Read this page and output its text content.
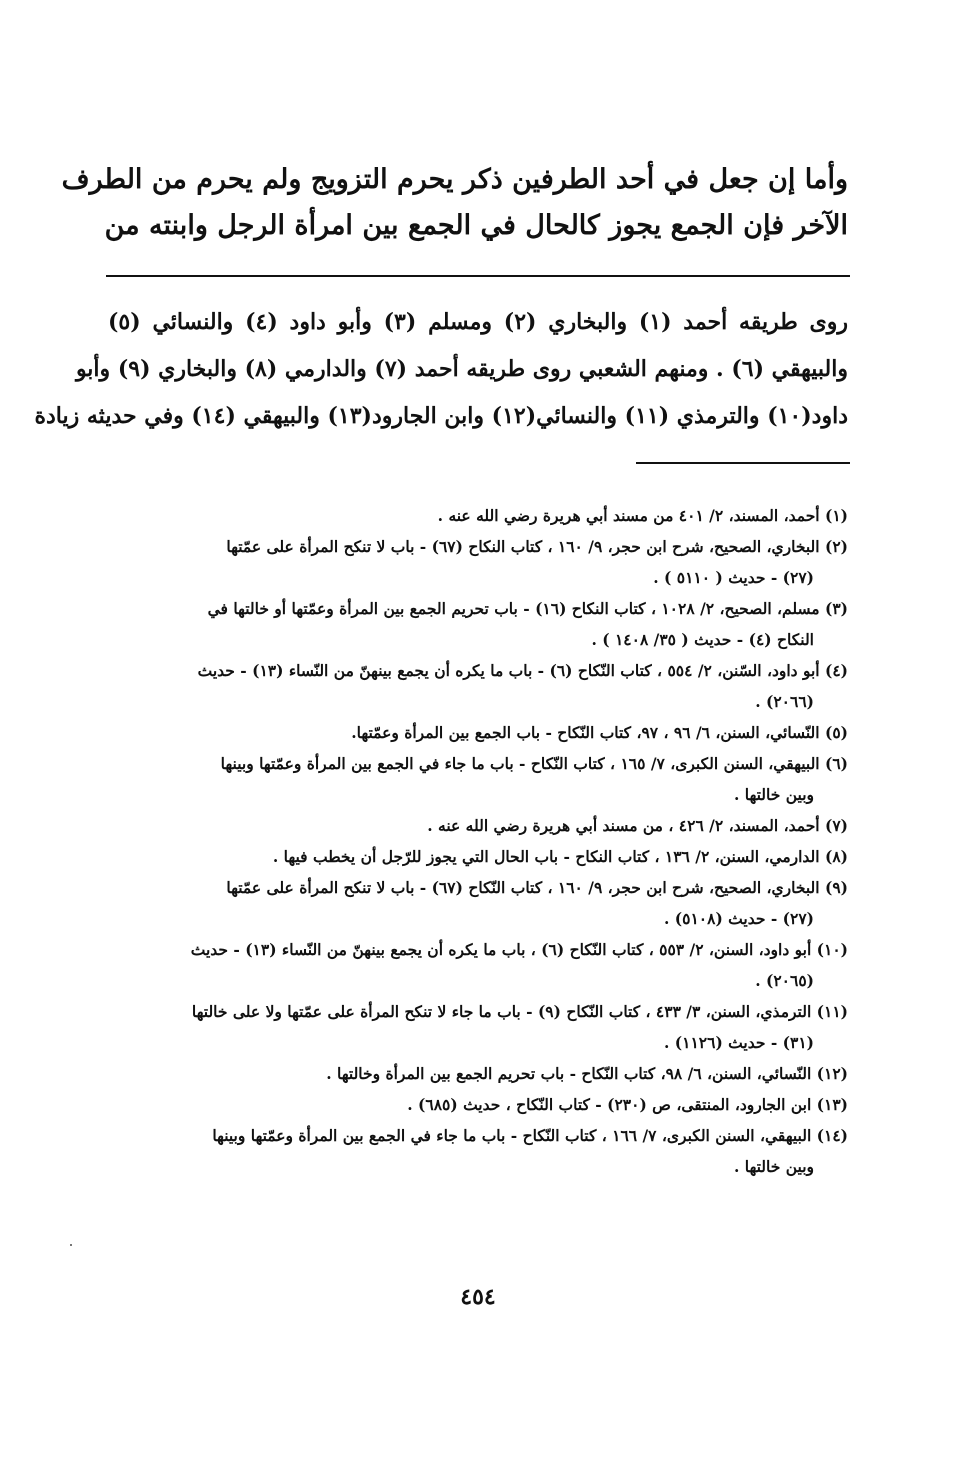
وأما إن جعل في أحد الطرفين ذكر يحرم التزويج ولم يحرم من الطرف
الآخر فإن الجمع يجوز كالحال في الجمع بين امرأة الرجل وابنته من
روى طريقه أحمد (١) والبخاري (٢) ومسلم (٣) وأبو داود (٤) والنسائي (٥)
والبيهقي (٦) . ومنهم الشعبي روى طريقه أحمد (٧) والدارمي (٨) والبخاري (٩) وأبو
داود(١٠) والترمذي (١١) والنسائي(١٢) وابن الجارود(١٣) والبيهقي (١٤) وفي حديثه زيادة
(١) أحمد، المسند، ٢/ ٤٠١ من مسند أبي هريرة رضي الله عنه .
(٢) البخاري، الصحيح، شرح ابن حجر، ٩/ ١٦٠ ، كتاب النكاح (٦٧) - باب لا تنكح المرأة على عمّتها
(٢٧) - حديث ( ٥١١٠ ) .
(٣) مسلم، الصحيح، ٢/ ١٠٢٨ ، كتاب النكاح (١٦) - باب تحريم الجمع بين المرأة وعمّتها أو خالتها في
النكاح (٤) - حديث ( ٣٥/ ١٤٠٨ ) .
(٤) أبو داود، السّنن، ٢/ ٥٥٤ ، كتاب النّكاح (٦) - باب ما يكره أن يجمع بينهنّ من النّساء (١٣) - حديث
(٢٠٦٦) .
(٥) النّسائي، السنن، ٦/ ٩٦ ، ٩٧، كتاب النّكاح - باب الجمع بين المرأة وعمّتها.
(٦) البيهقي، السنن الكبرى، ٧/ ١٦٥ ، كتاب النّكاح - باب ما جاء في الجمع بين المرأة وعمّتها وبينها
وبين خالتها .
(٧) أحمد، المسند، ٢/ ٤٢٦ ، من مسند أبي هريرة رضي الله عنه .
(٨) الدارمي، السنن، ٢/ ١٣٦ ، كتاب النكاح - باب الحال التي يجوز للرّجل أن يخطب فيها .
(٩) البخاري، الصحيح، شرح ابن حجر، ٩/ ١٦٠ ، كتاب النّكاح (٦٧) - باب لا تنكح المرأة على عمّتها
(٢٧) - حديث (٥١٠٨) .
(١٠) أبو داود، السنن، ٢/ ٥٥٣ ، كتاب النّكاح (٦) ، باب ما يكره أن يجمع بينهنّ من النّساء (١٣) - حديث
(٢٠٦٥) .
(١١) الترمذي، السنن، ٣/ ٤٣٣ ، كتاب النّكاح (٩) - باب ما جاء لا تنكح المرأة على عمّتها ولا على خالتها
(٣١) - حديث (١١٢٦) .
(١٢) النّسائي، السنن، ٦/ ٩٨، كتاب النّكاح - باب تحريم الجمع بين المرأة وخالتها .
(١٣) ابن الجارود، المنتقى، ص (٢٣٠) - كتاب النّكاح ، حديث (٦٨٥) .
(١٤) البيهقي، السنن الكبرى، ٧/ ١٦٦ ، كتاب النّكاح - باب ما جاء في الجمع بين المرأة وعمّتها وبينها
وبين خالتها .
٤٥٤
